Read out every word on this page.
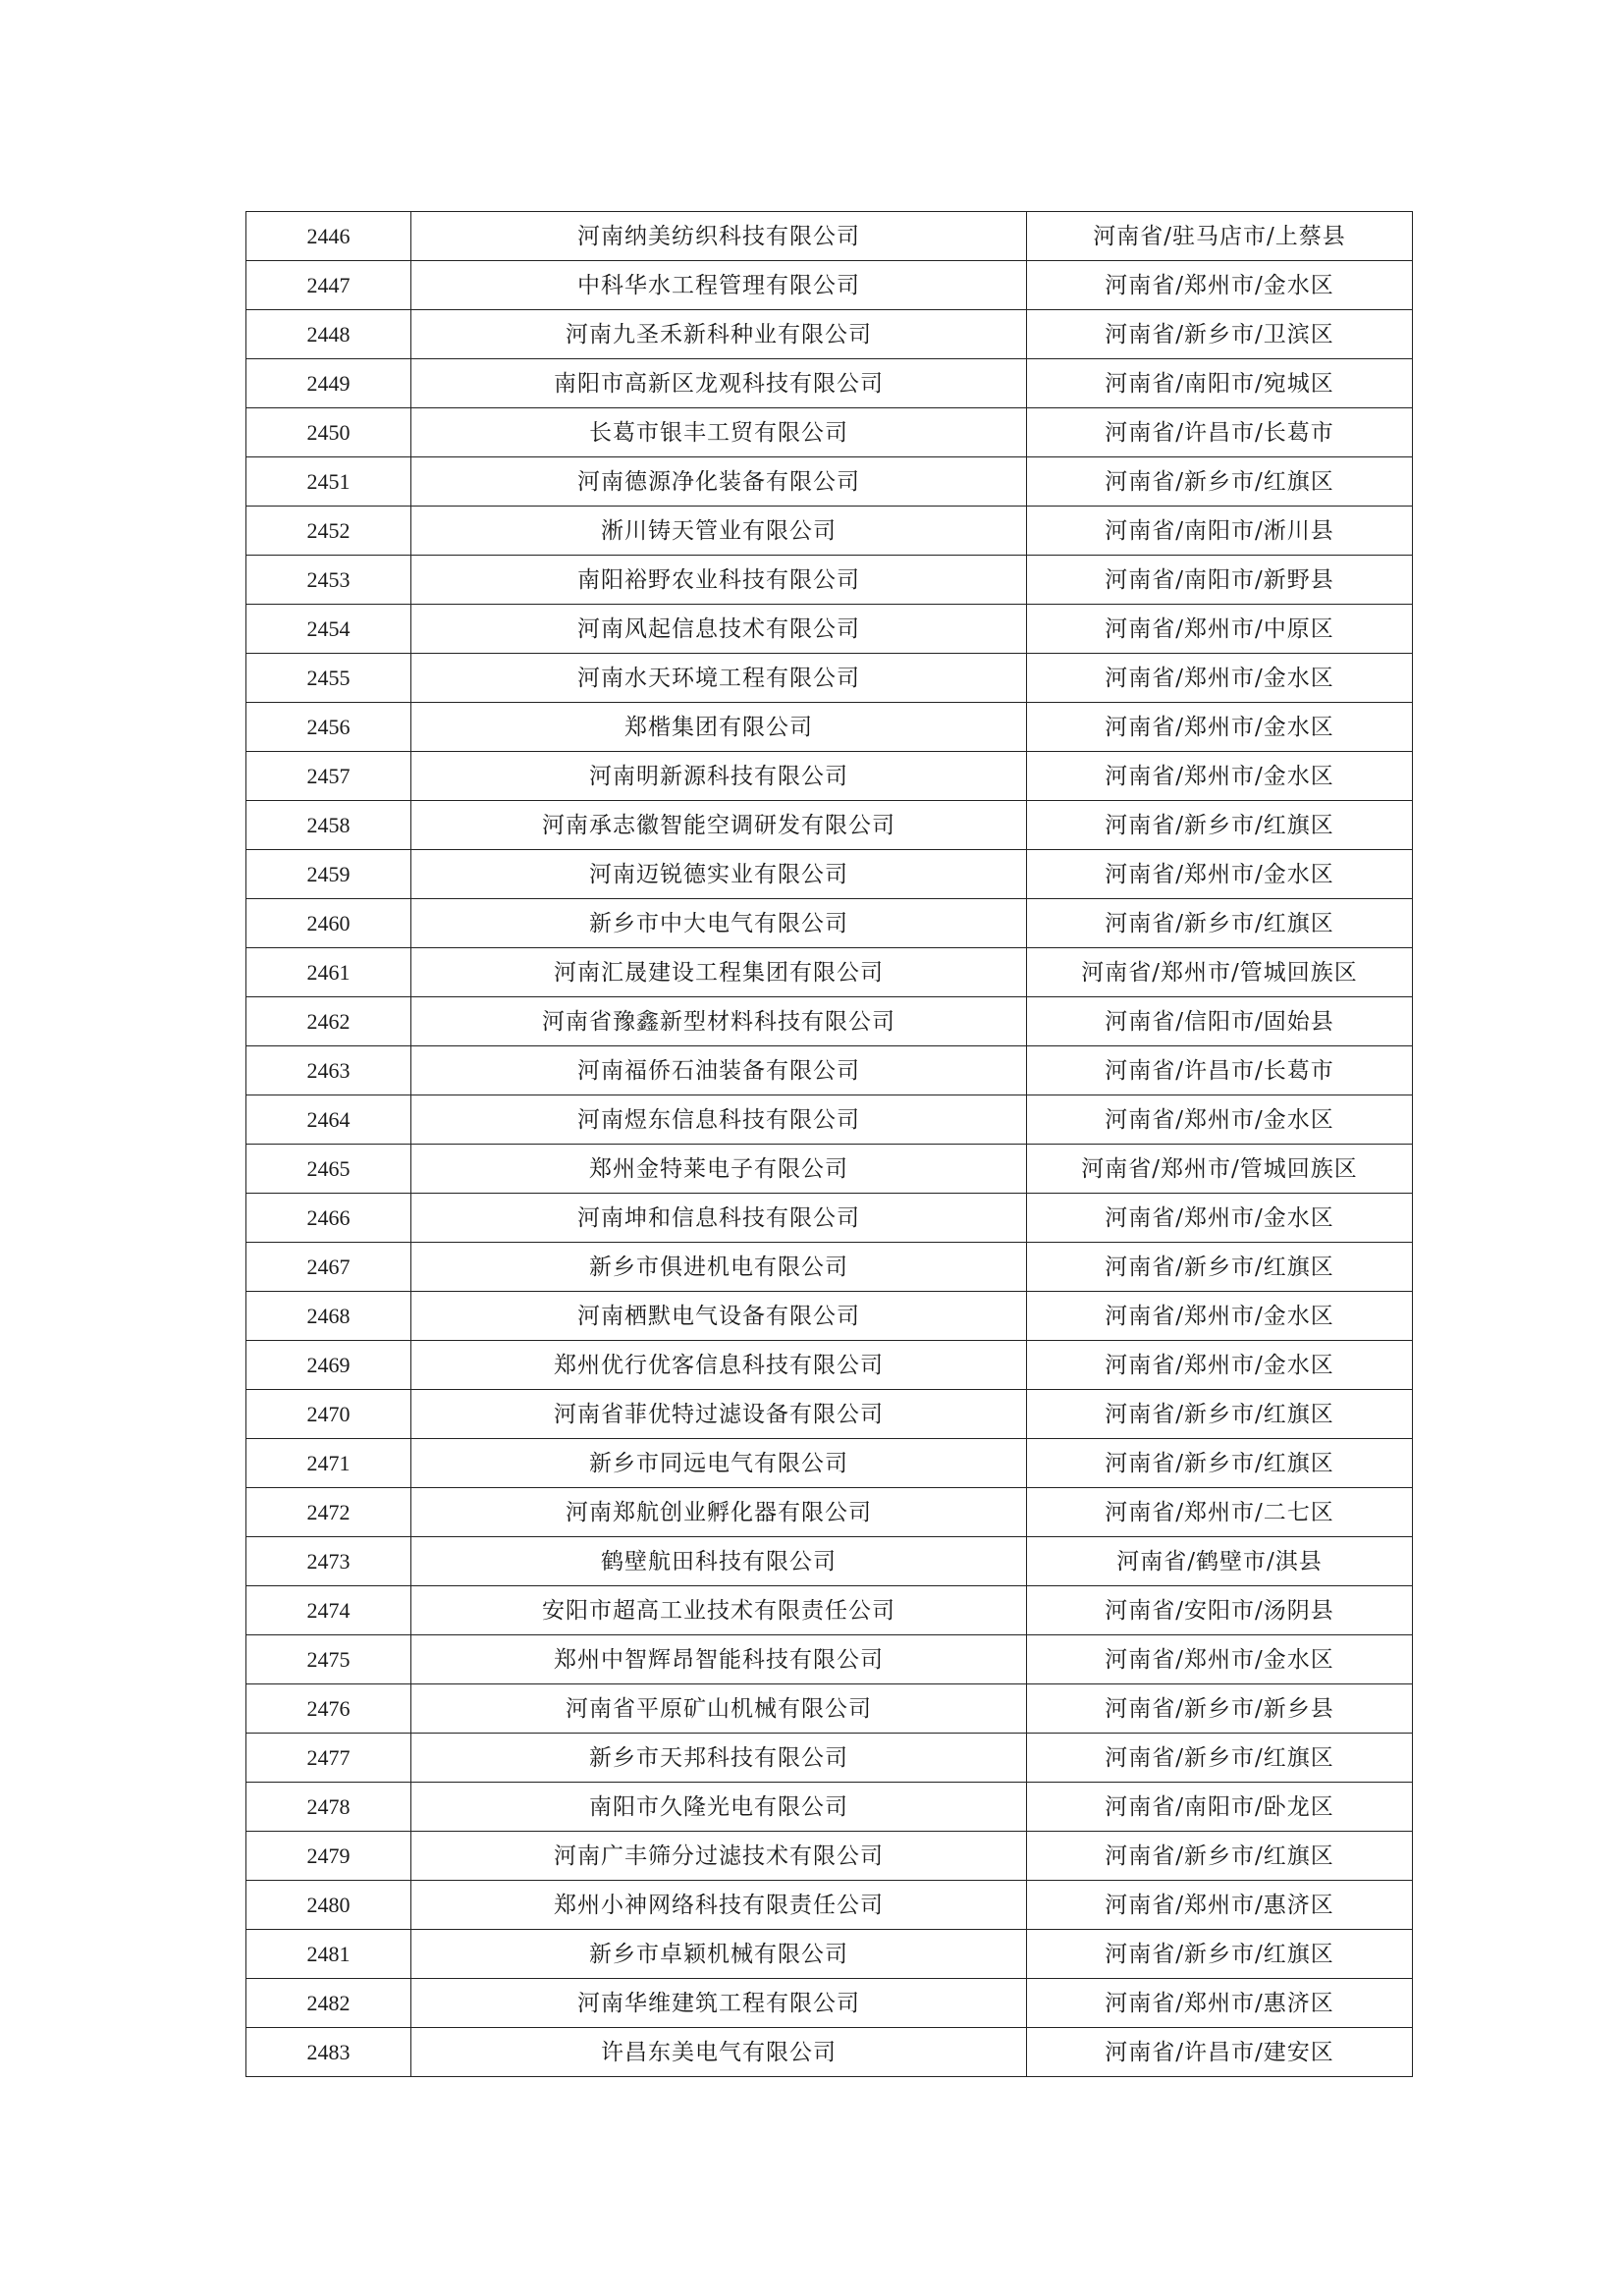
2446	河南纳美纺织科技有限公司	河南省/驻马店市/上蔡县
2447	中科华水工程管理有限公司	河南省/郑州市/金水区
2448	河南九圣禾新科种业有限公司	河南省/新乡市/卫滨区
2449	南阳市高新区龙观科技有限公司	河南省/南阳市/宛城区
2450	长葛市银丰工贸有限公司	河南省/许昌市/长葛市
2451	河南德源净化装备有限公司	河南省/新乡市/红旗区
2452	淅川铸天管业有限公司	河南省/南阳市/淅川县
2453	南阳裕野农业科技有限公司	河南省/南阳市/新野县
2454	河南风起信息技术有限公司	河南省/郑州市/中原区
2455	河南水天环境工程有限公司	河南省/郑州市/金水区
2456	郑楷集团有限公司	河南省/郑州市/金水区
2457	河南明新源科技有限公司	河南省/郑州市/金水区
2458	河南承志徽智能空调研发有限公司	河南省/新乡市/红旗区
2459	河南迈锐德实业有限公司	河南省/郑州市/金水区
2460	新乡市中大电气有限公司	河南省/新乡市/红旗区
2461	河南汇晟建设工程集团有限公司	河南省/郑州市/管城回族区
2462	河南省豫鑫新型材料科技有限公司	河南省/信阳市/固始县
2463	河南福侨石油装备有限公司	河南省/许昌市/长葛市
2464	河南煜东信息科技有限公司	河南省/郑州市/金水区
2465	郑州金特莱电子有限公司	河南省/郑州市/管城回族区
2466	河南坤和信息科技有限公司	河南省/郑州市/金水区
2467	新乡市俱进机电有限公司	河南省/新乡市/红旗区
2468	河南栖默电气设备有限公司	河南省/郑州市/金水区
2469	郑州优行优客信息科技有限公司	河南省/郑州市/金水区
2470	河南省菲优特过滤设备有限公司	河南省/新乡市/红旗区
2471	新乡市同远电气有限公司	河南省/新乡市/红旗区
2472	河南郑航创业孵化器有限公司	河南省/郑州市/二七区
2473	鹤壁航田科技有限公司	河南省/鹤壁市/淇县
2474	安阳市超高工业技术有限责任公司	河南省/安阳市/汤阴县
2475	郑州中智辉昂智能科技有限公司	河南省/郑州市/金水区
2476	河南省平原矿山机械有限公司	河南省/新乡市/新乡县
2477	新乡市天邦科技有限公司	河南省/新乡市/红旗区
2478	南阳市久隆光电有限公司	河南省/南阳市/卧龙区
2479	河南广丰筛分过滤技术有限公司	河南省/新乡市/红旗区
2480	郑州小神网络科技有限责任公司	河南省/郑州市/惠济区
2481	新乡市卓颖机械有限公司	河南省/新乡市/红旗区
2482	河南华维建筑工程有限公司	河南省/郑州市/惠济区
2483	许昌东美电气有限公司	河南省/许昌市/建安区
